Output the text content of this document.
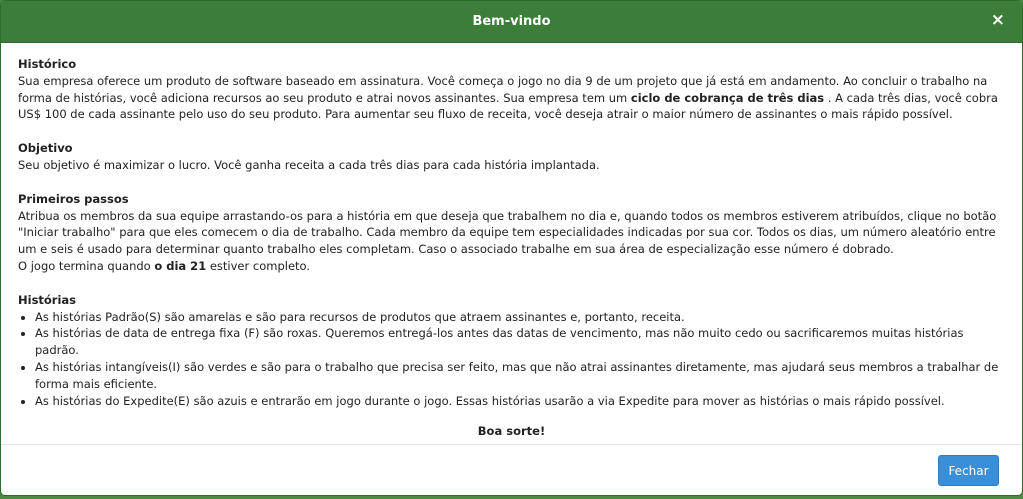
Bem-vindo	×
Histórico
Sua empresa oferece um produto de software baseado em assinatura. Você começa o jogo no dia 9 de um projeto que já está em andamento. Ao concluir o trabalho na forma de histórias, você adiciona recursos ao seu produto e atrai novos assinantes. Sua empresa tem um ciclo de cobrança de três dias . A cada três dias, você cobra US$ 100 de cada assinante pelo uso do seu produto. Para aumentar seu fluxo de receita, você deseja atrair o maior número de assinantes o mais rápido possível.
Objetivo
Seu objetivo é maximizar o lucro. Você ganha receita a cada três dias para cada história implantada.
Primeiros passos
Atribua os membros da sua equipe arrastando-os para a história em que deseja que trabalhem no dia e, quando todos os membros estiverem atribuídos, clique no botão "Iniciar trabalho" para que eles comecem o dia de trabalho. Cada membro da equipe tem especialidades indicadas por sua cor. Todos os dias, um número aleatório entre um e seis é usado para determinar quanto trabalho eles completam. Caso o associado trabalhe em sua área de especialização esse número é dobrado.
O jogo termina quando o dia 21 estiver completo.
Histórias
• As histórias Padrão(S) são amarelas e são para recursos de produtos que atraem assinantes e, portanto, receita.
• As histórias de data de entrega fixa (F) são roxas. Queremos entregá-los antes das datas de vencimento, mas não muito cedo ou sacrificaremos muitas histórias padrão.
• As histórias intangíveis(I) são verdes e são para o trabalho que precisa ser feito, mas que não atrai assinantes diretamente, mas ajudará seus membros a trabalhar de forma mais eficiente.
• As histórias do Expedite(E) são azuis e entrarão em jogo durante o jogo. Essas histórias usarão a via Expedite para mover as histórias o mais rápido possível.
Boa sorte!
Fechar
